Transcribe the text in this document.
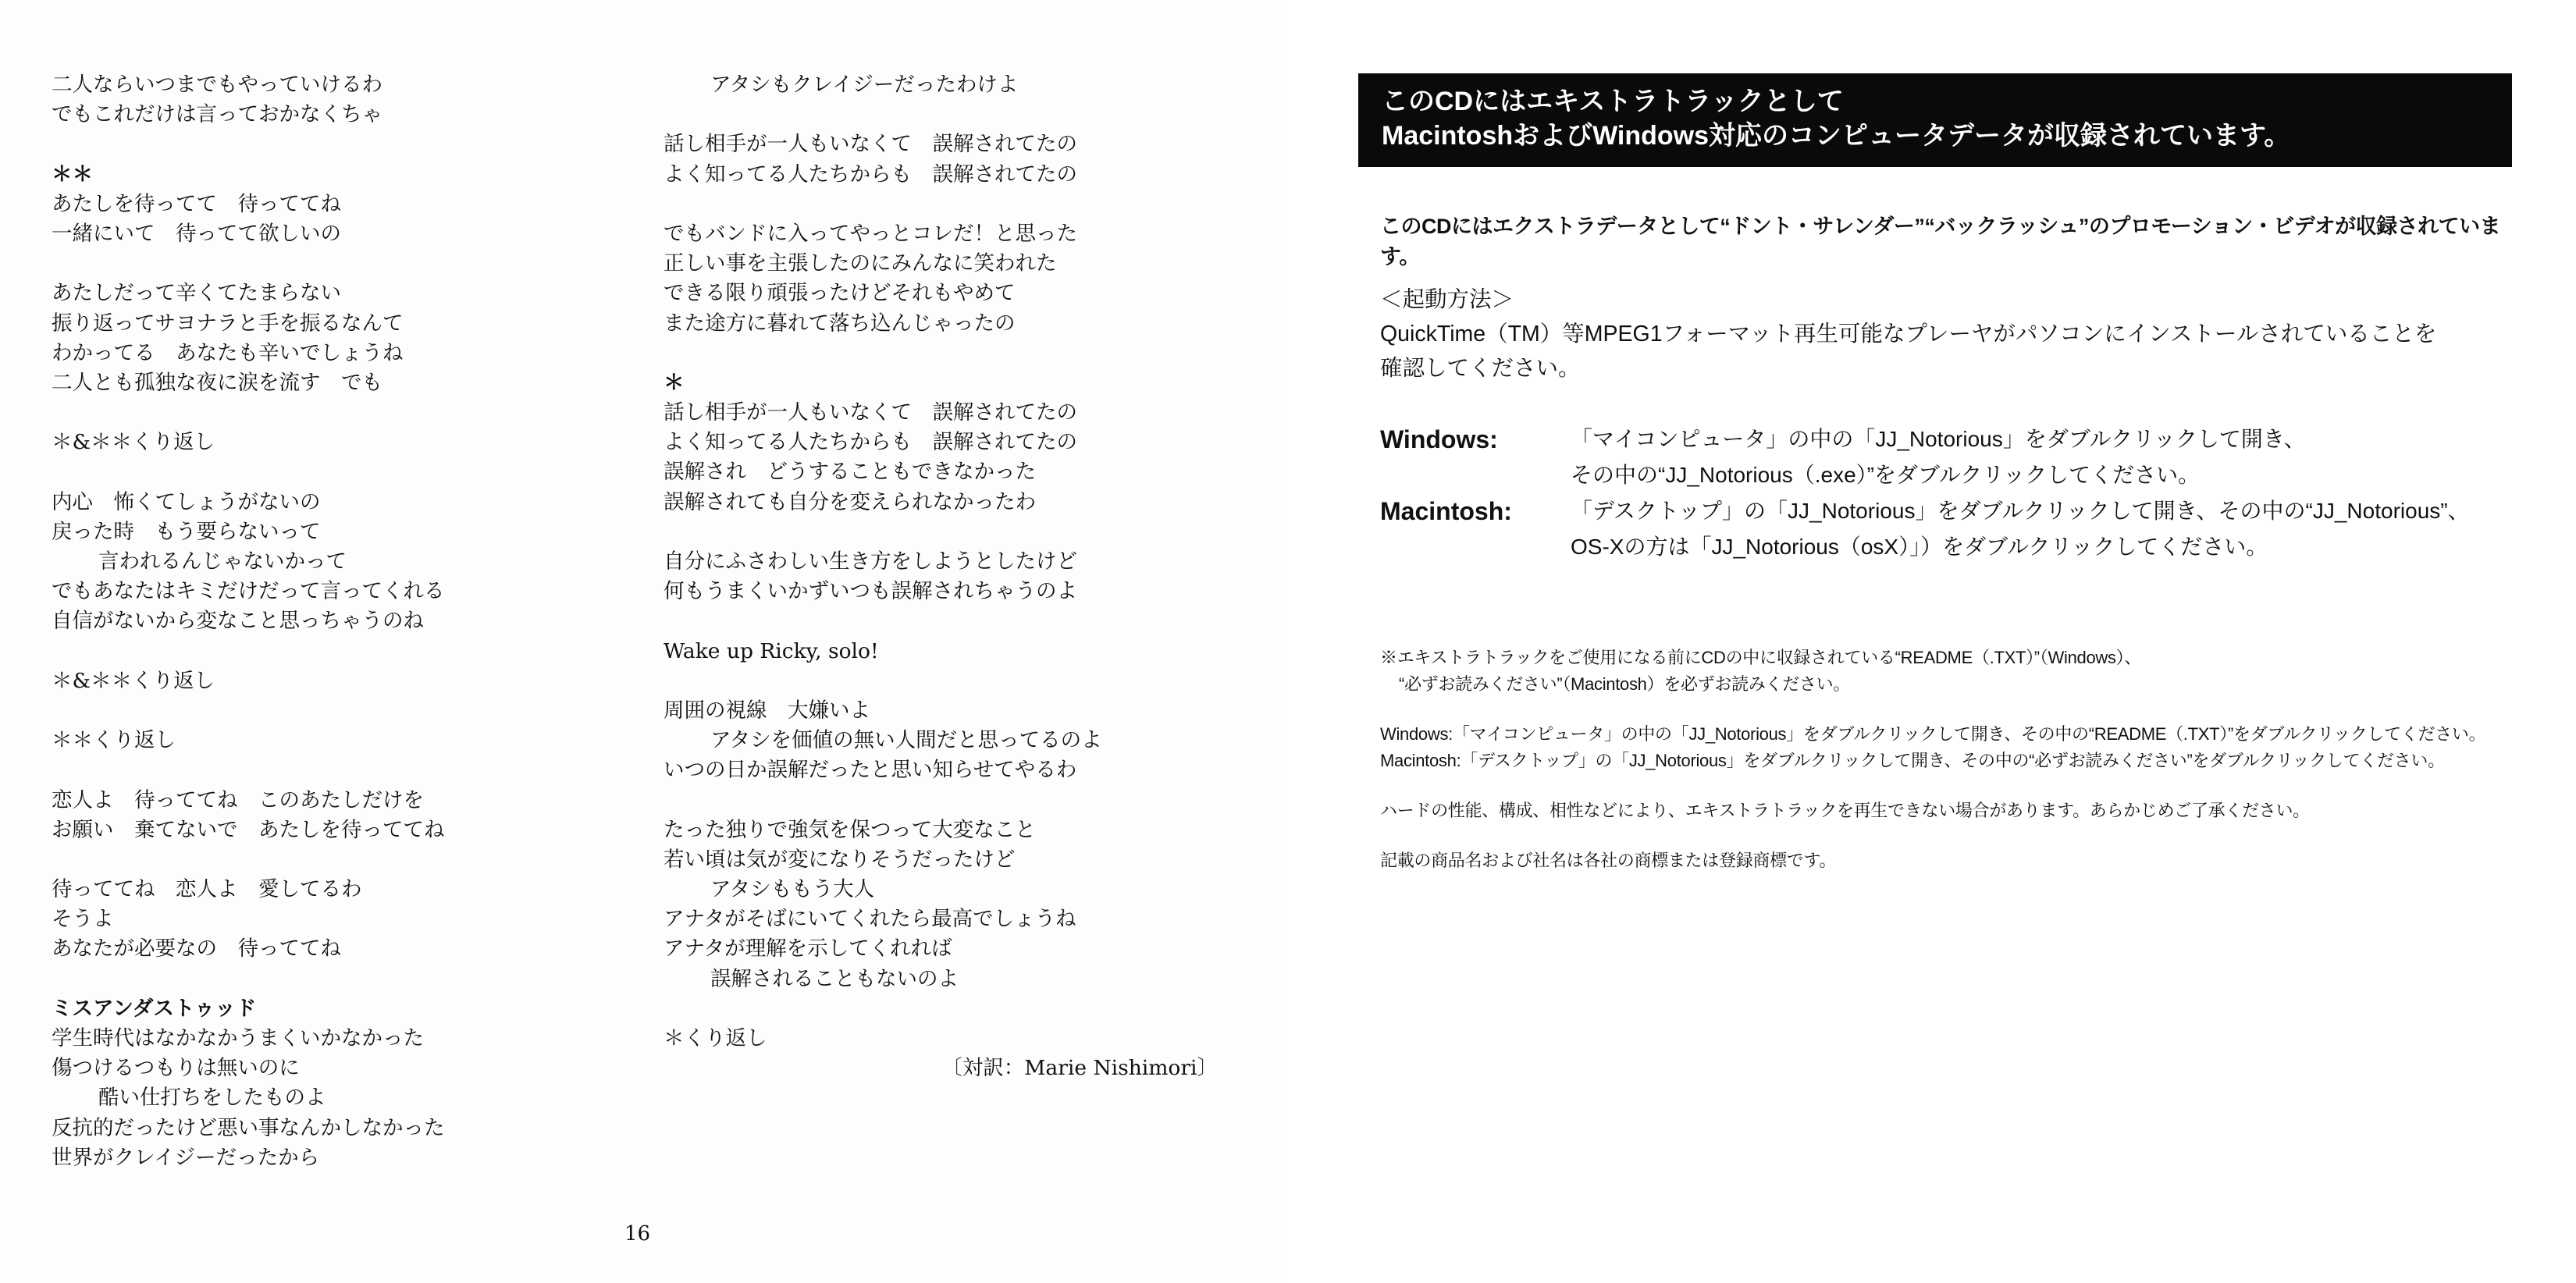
二人ならいつまでもやっていけるわ
でもこれだけは言っておかなくちゃ
＊＊
あたしを待ってて　待っててね
一緒にいて　待ってて欲しいの
あたしだって辛くてたまらない
振り返ってサヨナラと手を振るなんて
わかってる　あなたも辛いでしょうね
二人とも孤独な夜に涙を流す　でも
＊&＊＊くり返し
内心　怖くてしょうがないの
戻った時　もう要らないって
言われるんじゃないかって
でもあなたはキミだけだって言ってくれる
自信がないから変なこと思っちゃうのね
＊&＊＊くり返し
＊＊くり返し
恋人よ　待っててね　このあたしだけを
お願い　棄てないで　あたしを待っててね
待っててね　恋人よ　愛してるわ
そうよ
あなたが必要なの　待っててね
ミスアンダストゥッド
学生時代はなかなかうまくいかなかった
傷つけるつもりは無いのに
酷い仕打ちをしたものよ
反抗的だったけど悪い事なんかしなかった
世界がクレイジーだったから
アタシもクレイジーだったわけよ
話し相手が一人もいなくて　誤解されてたの
よく知ってる人たちからも　誤解されてたの
でもバンドに入ってやっとコレだ！と思った
正しい事を主張したのにみんなに笑われた
できる限り頑張ったけどそれもやめて
また途方に暮れて落ち込んじゃったの
＊
話し相手が一人もいなくて　誤解されてたの
よく知ってる人たちからも　誤解されてたの
誤解され　どうすることもできなかった
誤解されても自分を変えられなかったわ
自分にふさわしい生き方をしようとしたけど
何もうまくいかずいつも誤解されちゃうのよ
Wake up Ricky, solo!
周囲の視線　大嫌いよ
アタシを価値の無い人間だと思ってるのよ
いつの日か誤解だったと思い知らせてやるわ
たった独りで強気を保つって大変なこと
若い頃は気が変になりそうだったけど
アタシももう大人
アナタがそばにいてくれたら最高でしょうね
アナタが理解を示してくれれば
誤解されることもないのよ
＊くり返し
〔対訳：Marie Nishimori〕
16
このCDにはエキストラトラックとして
MacintoshおよびWindows対応のコンピュータデータが収録されています。
このCDにはエクストラデータとして“ドント・サレンダー”“バックラッシュ”のプロモーション・ビデオが収録されています。
＜起動方法＞
QuickTime（TM）等MPEG1フォーマット再生可能なプレーヤがパソコンにインストールされていることを
確認してください。
Windows:	「マイコンピュータ」の中の「JJ_Notorious」をダブルクリックして開き、
その中の“JJ_Notorious（.exe）”をダブルクリックしてください。
Macintosh:	「デスクトップ」の「JJ_Notorious」をダブルクリックして開き、その中の“JJ_Notorious”、
OS-Xの方は「JJ_Notorious（osX）」）をダブルクリックしてください。
※エキストラトラックをご使用になる前にCDの中に収録されている“README（.TXT）”（Windows）、
“必ずお読みください”（Macintosh）を必ずお読みください。
Windows:「マイコンピュータ」の中の「JJ_Notorious」をダブルクリックして開き、その中の“README（.TXT）”をダブルクリックしてください。
Macintosh:「デスクトップ」の「JJ_Notorious」をダブルクリックして開き、その中の“必ずお読みください”をダブルクリックしてください。
ハードの性能、構成、相性などにより、エキストラトラックを再生できない場合があります。あらかじめご了承ください。
記載の商品名および社名は各社の商標または登録商標です。
